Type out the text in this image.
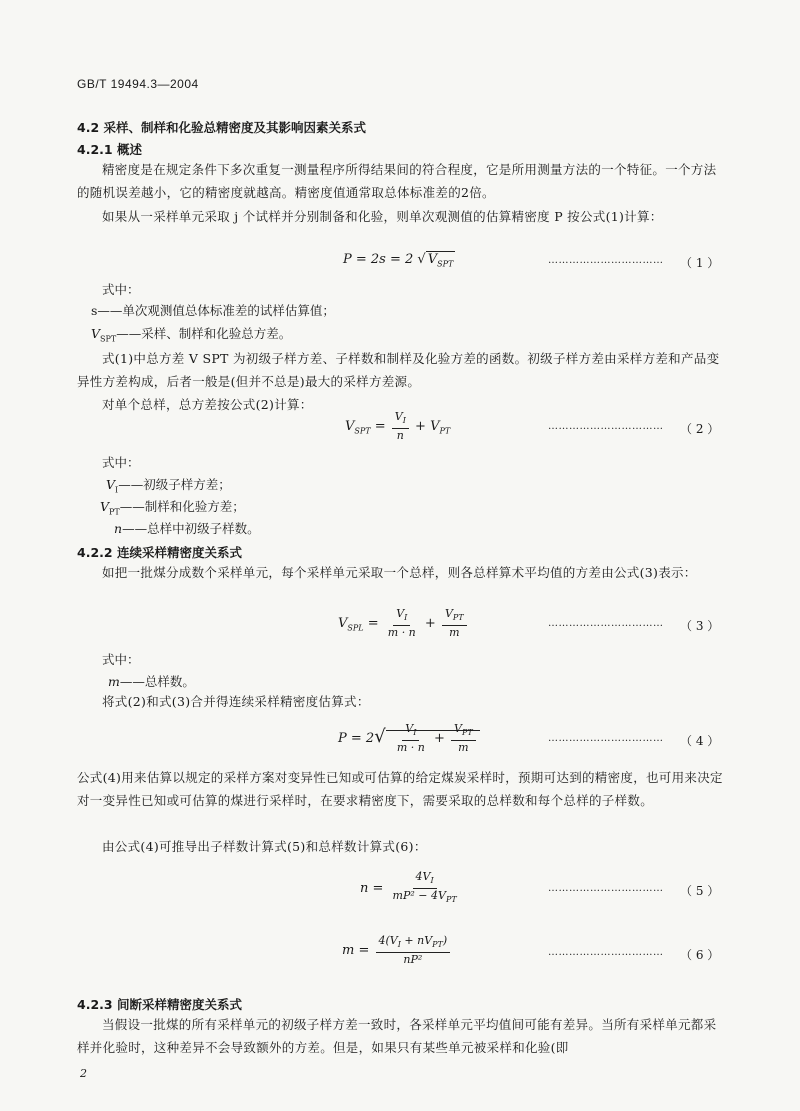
GB/T 19494.3—2004
4.2 采样、制样和化验总精密度及其影响因素关系式
4.2.1 概述
精密度是在规定条件下多次重复一测量程序所得结果间的符合程度，它是所用测量方法的一个特征。一个方法的随机误差越小，它的精密度就越高。精密度值通常取总体标准差的2倍。
如果从一采样单元采取 j 个试样并分别制备和化验，则单次观测值的估算精密度 P 按公式(1)计算：
P = 2s = 2 √ $V_{SPT}$	…………………………… （ 1 ）
式中：
s——单次观测值总体标准差的试样估算值；
$V_{SPT}——$采样、制样和化验总方差。
式(1)中总方差 V SPT 为初级子样方差、子样数和制样及化验方差的函数。初级子样方差由采样方差和产品变异性方差构成，后者一般是(但并不总是)最大的采样方差源。
对单个总样，总方差按公式(2)计算：
$V_{SPT} = \frac{V_I}{n} + V_{PT}$	…………………………… （ 2 ）
式中：
$V_I——$初级子样方差；
$V_{PT}——$制样和化验方差；
n——总样中初级子样数。
4.2.2 连续采样精密度关系式
如把一批煤分成数个采样单元，每个采样单元采取一个总样，则各总样算术平均值的方差由公式(3)表示：
$V_{SPL} = \frac{V_I}{m \cdot n} + \frac{V_{PT}}{m}$	…………………………… （ 3 ）
式中：
m——总样数。
将式(2)和式(3)合并得连续采样精密度估算式：
$P = 2√ \frac{V_I}{m \cdot n} + \frac{V_{PT}}{m}$	…………………………… （ 4 ）
公式(4)用来估算以规定的采样方案对变异性已知或可估算的给定煤炭采样时，预期可达到的精密度，也可用来决定对一变异性已知或可估算的煤进行采样时，在要求精密度下，需要采取的总样数和每个总样的子样数。
由公式(4)可推导出子样数计算式(5)和总样数计算式(6)：
$n = \frac{4V_I}{mP^2 - 4V_{PT}}$	…………………………… （ 5 ）
$m = \frac{4(V_I + nV_{PT})}{\text{nP²}}$	…………………………… （ 6 ）
4.2.3 间断采样精密度关系式
当假设一批煤的所有采样单元的初级子样方差一致时，各采样单元平均值间可能有差异。当所有采样单元都采样并化验时，这种差异不会导致额外的方差。但是，如果只有某些单元被采样和化验(即
2
